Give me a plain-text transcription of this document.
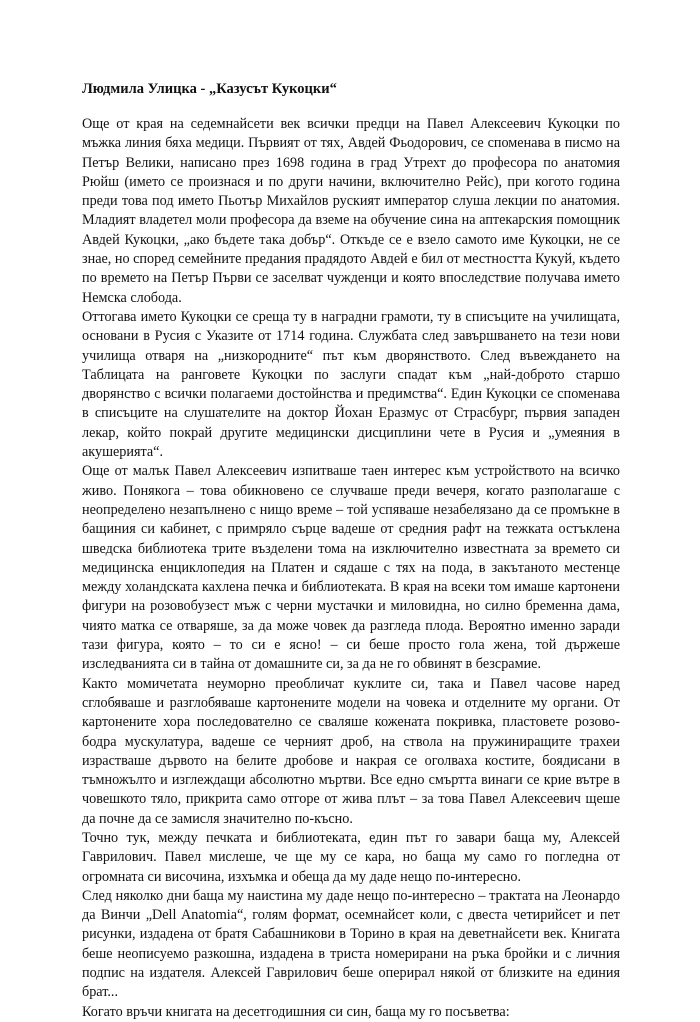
Людмила Улицка - „Казусът Кукоцки“

Още от края на седемнайсети век всички предци на Павел Алексеевич Кукоцки по мъжка линия бяха медици. Първият от тях, Авдей Фьодорович, се споменава в писмо на Петър Велики, написано през 1698 година в град Утрехт до професора по анатомия Рюйш (името се произнася и по други начини, включително Рейс), при когото година преди това под името Пьотър Михайлов руският император слуша лекции по анатомия. Младият владетел моли професора да вземе на обучение сина на аптекарския помощник Авдей Кукоцки, „ако бъдете така добър“. Откъде се е взело самото име Кукоцки, не се знае, но според семейните предания прадядото Авдей е бил от местността Кукуй, където по времето на Петър Първи се заселват чужденци и която впоследствие получава името Немска слобода.

Оттогава името Кукоцки се среща ту в наградни грамоти, ту в списъците на училищата, основани в Русия с Указите от 1714 година. Службата след завършването на тези нови училища отваря на „низкородните“ път към дворянството. След въвеждането на Таблицата на ранговете Кукоцки по заслуги спадат към „най-доброто старшо дворянство с всички полагаеми достойнства и предимства“. Един Кукоцки се споменава в списъците на слушателите на доктор Йохан Еразмус от Страсбург, първия западен лекар, който покрай другите медицински дисциплини чете в Русия и „умеяния в акушерията“.

Още от малък Павел Алексеевич изпитваше таен интерес към устройството на всичко живо. Понякога – това обикновено се случваше преди вечеря, когато разполагаше с неопределено незапълнено с нищо време – той успяваше незабелязано да се промъкне в бащиния си кабинет, с примряло сърце вадеше от средния рафт на тежката остъклена шведска библиотека трите възделени тома на изключително известната за времето си медицинска енциклопедия на Платен и сядаше с тях на пода, в закътаното местенце между холандската кахлена печка и библиотеката. В края на всеки том имаше картонени фигури на розовобузест мъж с черни мустачки и миловидна, но силно бременна дама, чиято матка се отваряше, за да може човек да разгледа плода. Вероятно именно заради тази фигура, която – то си е ясно! – си беше просто гола жена, той държеше изследванията си в тайна от домашните си, за да не го обвинят в безсрамие.

Както момичетата неуморно преобличат куклите си, така и Павел часове наред сглобяваше и разглобяваше картонените модели на човека и отделните му органи. От картонените хора последователно се сваляше кожената покривка, пластовете розово-бодра мускулатура, вадеше се черният дроб, на ствола на пружиниращите трахеи израстваше дървото на белите дробове и накрая се оголваха костите, боядисани в тъмножълто и изглеждащи абсолютно мъртви. Все едно смъртта винаги се крие вътре в човешкото тяло, прикрита само отгоре от жива плът – за това Павел Алексеевич щеше да почне да се замисля значително по-късно.

Точно тук, между печката и библиотеката, един път го завари баща му, Алексей Гаврилович. Павел мислеше, че ще му се кара, но баща му само го погледна от огромната си височина, изхъмка и обеща да му даде нещо по-интересно.

След няколко дни баща му наистина му даде нещо по-интересно – трактата на Леонардо да Винчи „Dell Anatomia“, голям формат, осемнайсет коли, с двеста четирийсет и пет рисунки, издадена от братя Сабашникови в Торино в края на деветнайсети век. Книгата беше неописуемо разкошна, издадена в триста номерирани на ръка бройки и с личния подпис на издателя. Алексей Гаврилович беше оперирал някой от близките на единия брат...

Когато връчи книгата на десетгодишния си син, баща му го посъветва:
